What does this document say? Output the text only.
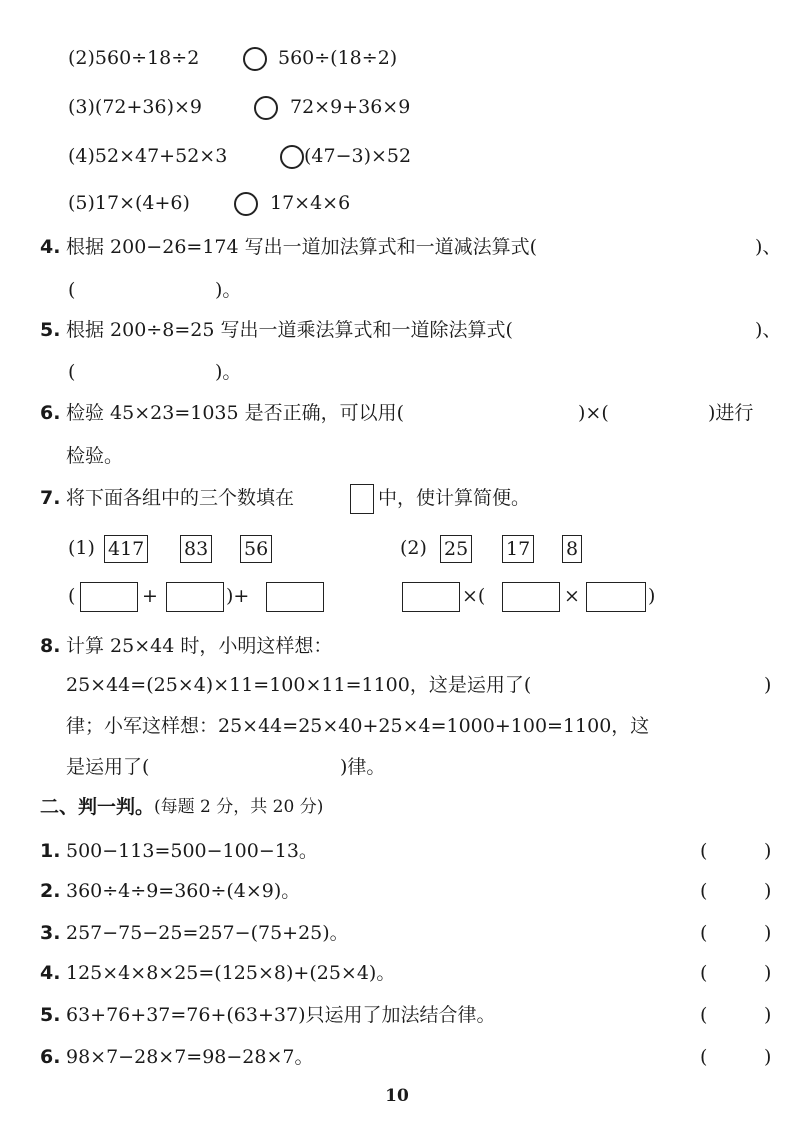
(2)560÷18÷2	560÷(18÷2)
(3)(72+36)×9	72×9+36×9
(4)52×47+52×3	(47−3)×52
(5)17×(4+6)	17×4×6
4. 根据 200−26=174 写出一道加法算式和一道减法算式(	)、
(	)。
5. 根据 200÷8=25 写出一道乘法算式和一道除法算式(	)、
(	)。
6. 检验 45×23=1035 是否正确，可以用(	)×(	)进行
检验。
7. 将下面各组中的三个数填在	中，使计算简便。
(1) 417 83 56	(2) 25 17 8
(	+	)+	×(	×	)
8. 计算 25×44 时，小明这样想：
25×44=(25×4)×11=100×11=1100，这是运用了(	)
律；小军这样想：25×44=25×40+25×4=1000+100=1100，这
是运用了(	)律。
二、判一判。 (每题 2 分，共 20 分)
1. 500−113=500−100−13。	(	)
2. 360÷4÷9=360÷(4×9)。	(	)
3. 257−75−25=257−(75+25)。	(	)
4. 125×4×8×25=(125×8)+(25×4)。	(	)
5. 63+76+37=76+(63+37)只运用了加法结合律。	(	)
6. 98×7−28×7=98−28×7。	(	)
10
